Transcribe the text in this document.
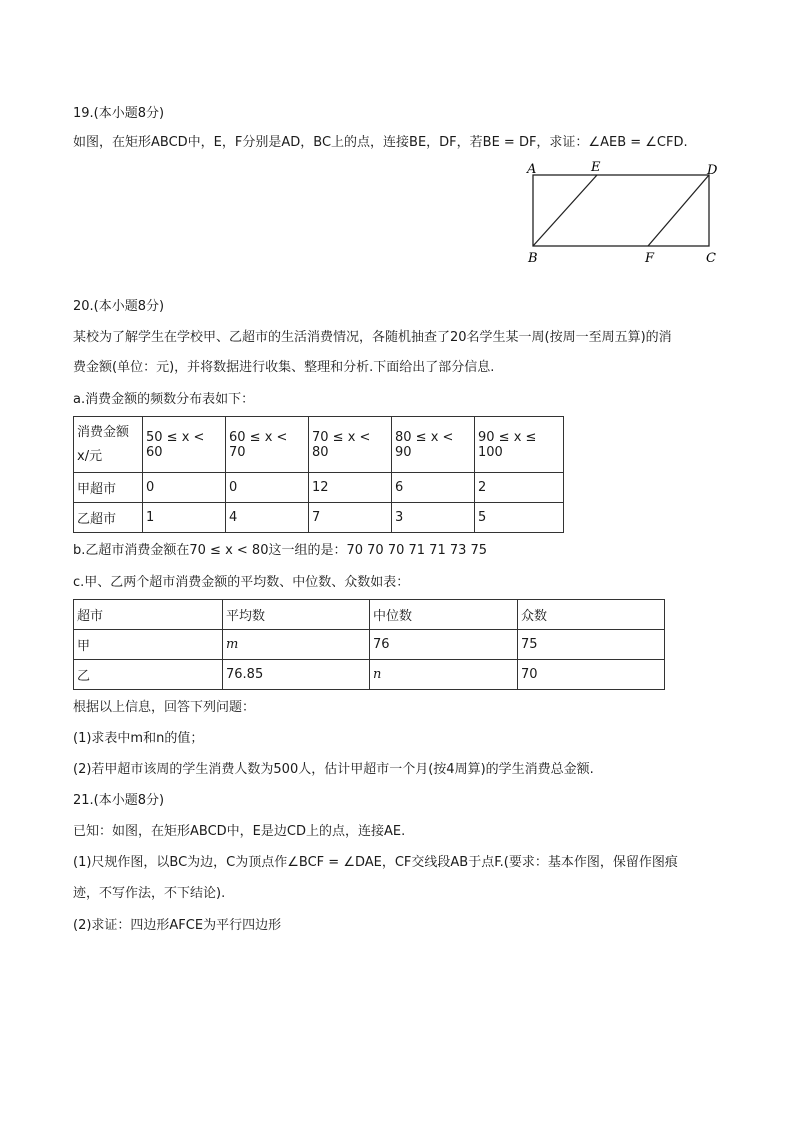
19.(本小题8分)
如图，在矩形ABCD中，E，F分别是AD，BC上的点，连接BE，DF，若BE = DF，求证：∠AEB = ∠CFD.
A	E	D
B	F	C
20.(本小题8分)
某校为了解学生在学校甲、乙超市的生活消费情况，各随机抽查了20名学生某一周(按周一至周五算)的消
费金额(单位：元)，并将数据进行收集、整理和分析.下面给出了部分信息.
a.消费金额的频数分布表如下：
消费金额
x/元	50 ≤ x < 60	60 ≤ x < 70	70 ≤ x < 80	80 ≤ x < 90	90 ≤ x ≤ 100
甲超市	0	0	12	6	2
乙超市	1	4	7	3	5
b.乙超市消费金额在70 ≤ x < 80这一组的是：70 70 70 71 71 73 75
c.甲、乙两个超市消费金额的平均数、中位数、众数如表：
超市	平均数	中位数	众数
甲	m	76	75
乙	76.85	n	70
根据以上信息，回答下列问题：
(1)求表中m和n的值；
(2)若甲超市该周的学生消费人数为500人，估计甲超市一个月(按4周算)的学生消费总金额.
21.(本小题8分)
已知：如图，在矩形ABCD中，E是边CD上的点，连接AE.
(1)尺规作图，以BC为边，C为顶点作∠BCF = ∠DAE，CF交线段AB于点F.(要求：基本作图，保留作图痕
迹，不写作法，不下结论).
(2)求证：四边形AFCE为平行四边形
